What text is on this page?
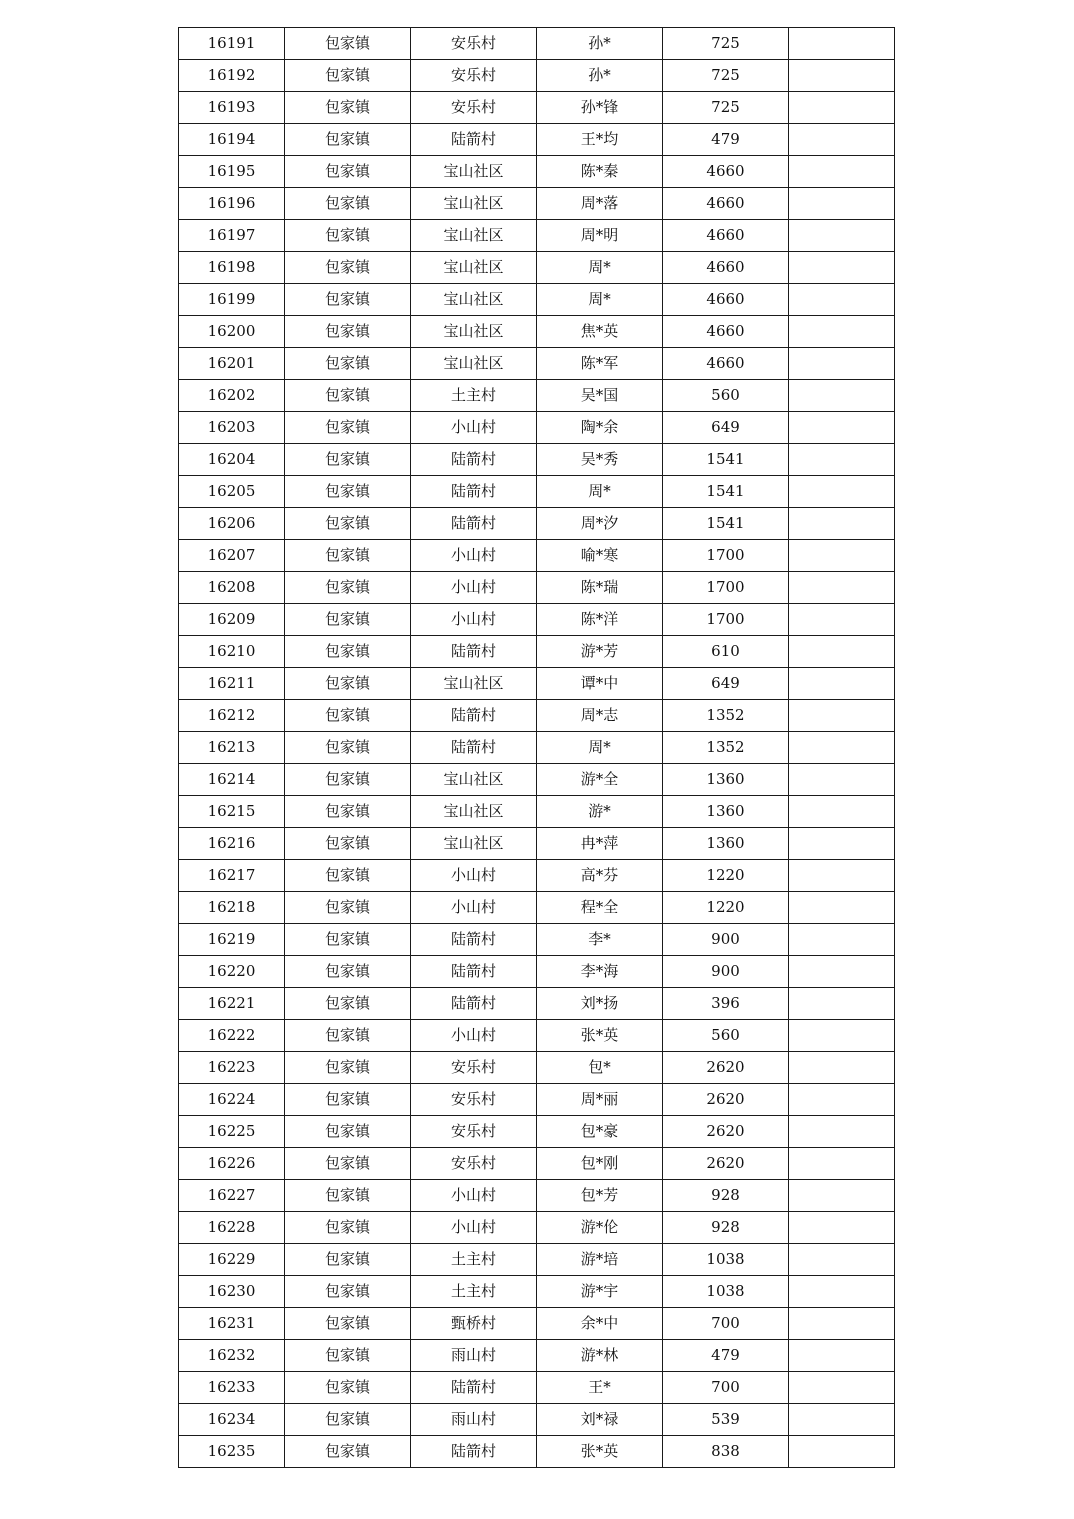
16191	包家镇	安乐村	孙*	725	
16192	包家镇	安乐村	孙*	725	
16193	包家镇	安乐村	孙*锋	725	
16194	包家镇	陆箭村	王*均	479	
16195	包家镇	宝山社区	陈*秦	4660	
16196	包家镇	宝山社区	周*落	4660	
16197	包家镇	宝山社区	周*明	4660	
16198	包家镇	宝山社区	周*	4660	
16199	包家镇	宝山社区	周*	4660	
16200	包家镇	宝山社区	焦*英	4660	
16201	包家镇	宝山社区	陈*军	4660	
16202	包家镇	土主村	吴*国	560	
16203	包家镇	小山村	陶*余	649	
16204	包家镇	陆箭村	吴*秀	1541	
16205	包家镇	陆箭村	周*	1541	
16206	包家镇	陆箭村	周*汐	1541	
16207	包家镇	小山村	喻*寒	1700	
16208	包家镇	小山村	陈*瑞	1700	
16209	包家镇	小山村	陈*洋	1700	
16210	包家镇	陆箭村	游*芳	610	
16211	包家镇	宝山社区	谭*中	649	
16212	包家镇	陆箭村	周*志	1352	
16213	包家镇	陆箭村	周*	1352	
16214	包家镇	宝山社区	游*全	1360	
16215	包家镇	宝山社区	游*	1360	
16216	包家镇	宝山社区	冉*萍	1360	
16217	包家镇	小山村	高*芬	1220	
16218	包家镇	小山村	程*全	1220	
16219	包家镇	陆箭村	李*	900	
16220	包家镇	陆箭村	李*海	900	
16221	包家镇	陆箭村	刘*扬	396	
16222	包家镇	小山村	张*英	560	
16223	包家镇	安乐村	包*	2620	
16224	包家镇	安乐村	周*丽	2620	
16225	包家镇	安乐村	包*豪	2620	
16226	包家镇	安乐村	包*刚	2620	
16227	包家镇	小山村	包*芳	928	
16228	包家镇	小山村	游*伦	928	
16229	包家镇	土主村	游*培	1038	
16230	包家镇	土主村	游*宇	1038	
16231	包家镇	甄桥村	余*中	700	
16232	包家镇	雨山村	游*林	479	
16233	包家镇	陆箭村	王*	700	
16234	包家镇	雨山村	刘*禄	539	
16235	包家镇	陆箭村	张*英	838	
